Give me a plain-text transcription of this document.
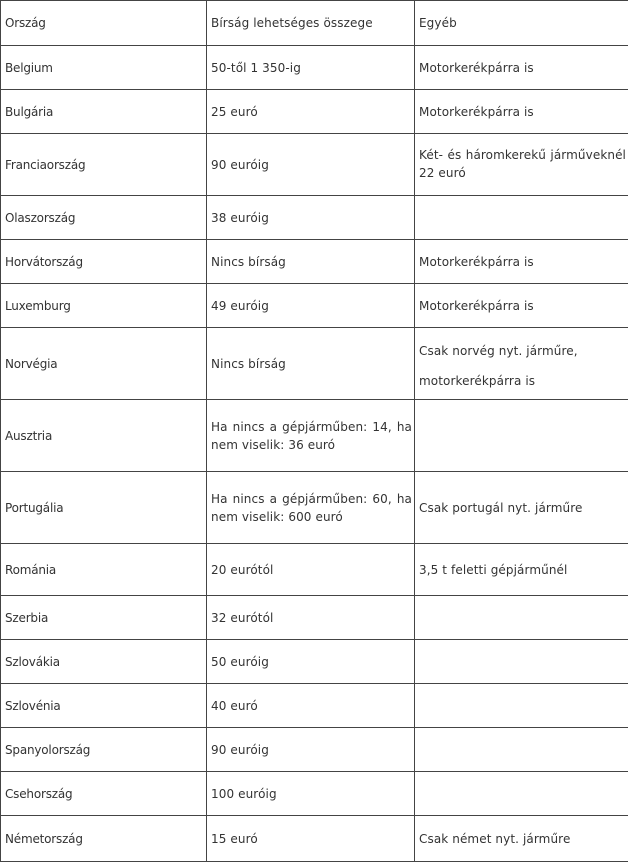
Ország	Bírság lehetséges összege	Egyéb
Belgium	50-től 1 350-ig	Motorkerékpárra is
Bulgária	25 euró	Motorkerékpárra is
Franciaország	90 euróig	Két- és háromkerekű járműveknél 22 euró
Olaszország	38 euróig	
Horvátország	Nincs bírság	Motorkerékpárra is
Luxemburg	49 euróig	Motorkerékpárra is
Norvégia	Nincs bírság	Csak norvég nyt. járműre,
motorkerékpárra is

Ausztria	Ha nincs a gépjárműben: 14, ha nem viselik: 36 euró	
Portugália	Ha nincs a gépjárműben: 60, ha nem viselik: 600 euró	Csak portugál nyt. járműre
Románia	20 eurótól	3,5 t feletti gépjárműnél
Szerbia	32 eurótól	
Szlovákia	50 euróig	
Szlovénia	40 euró	
Spanyolország	90 euróig	
Csehország	100 euróig	
Németország	15 euró	Csak német nyt. járműre
